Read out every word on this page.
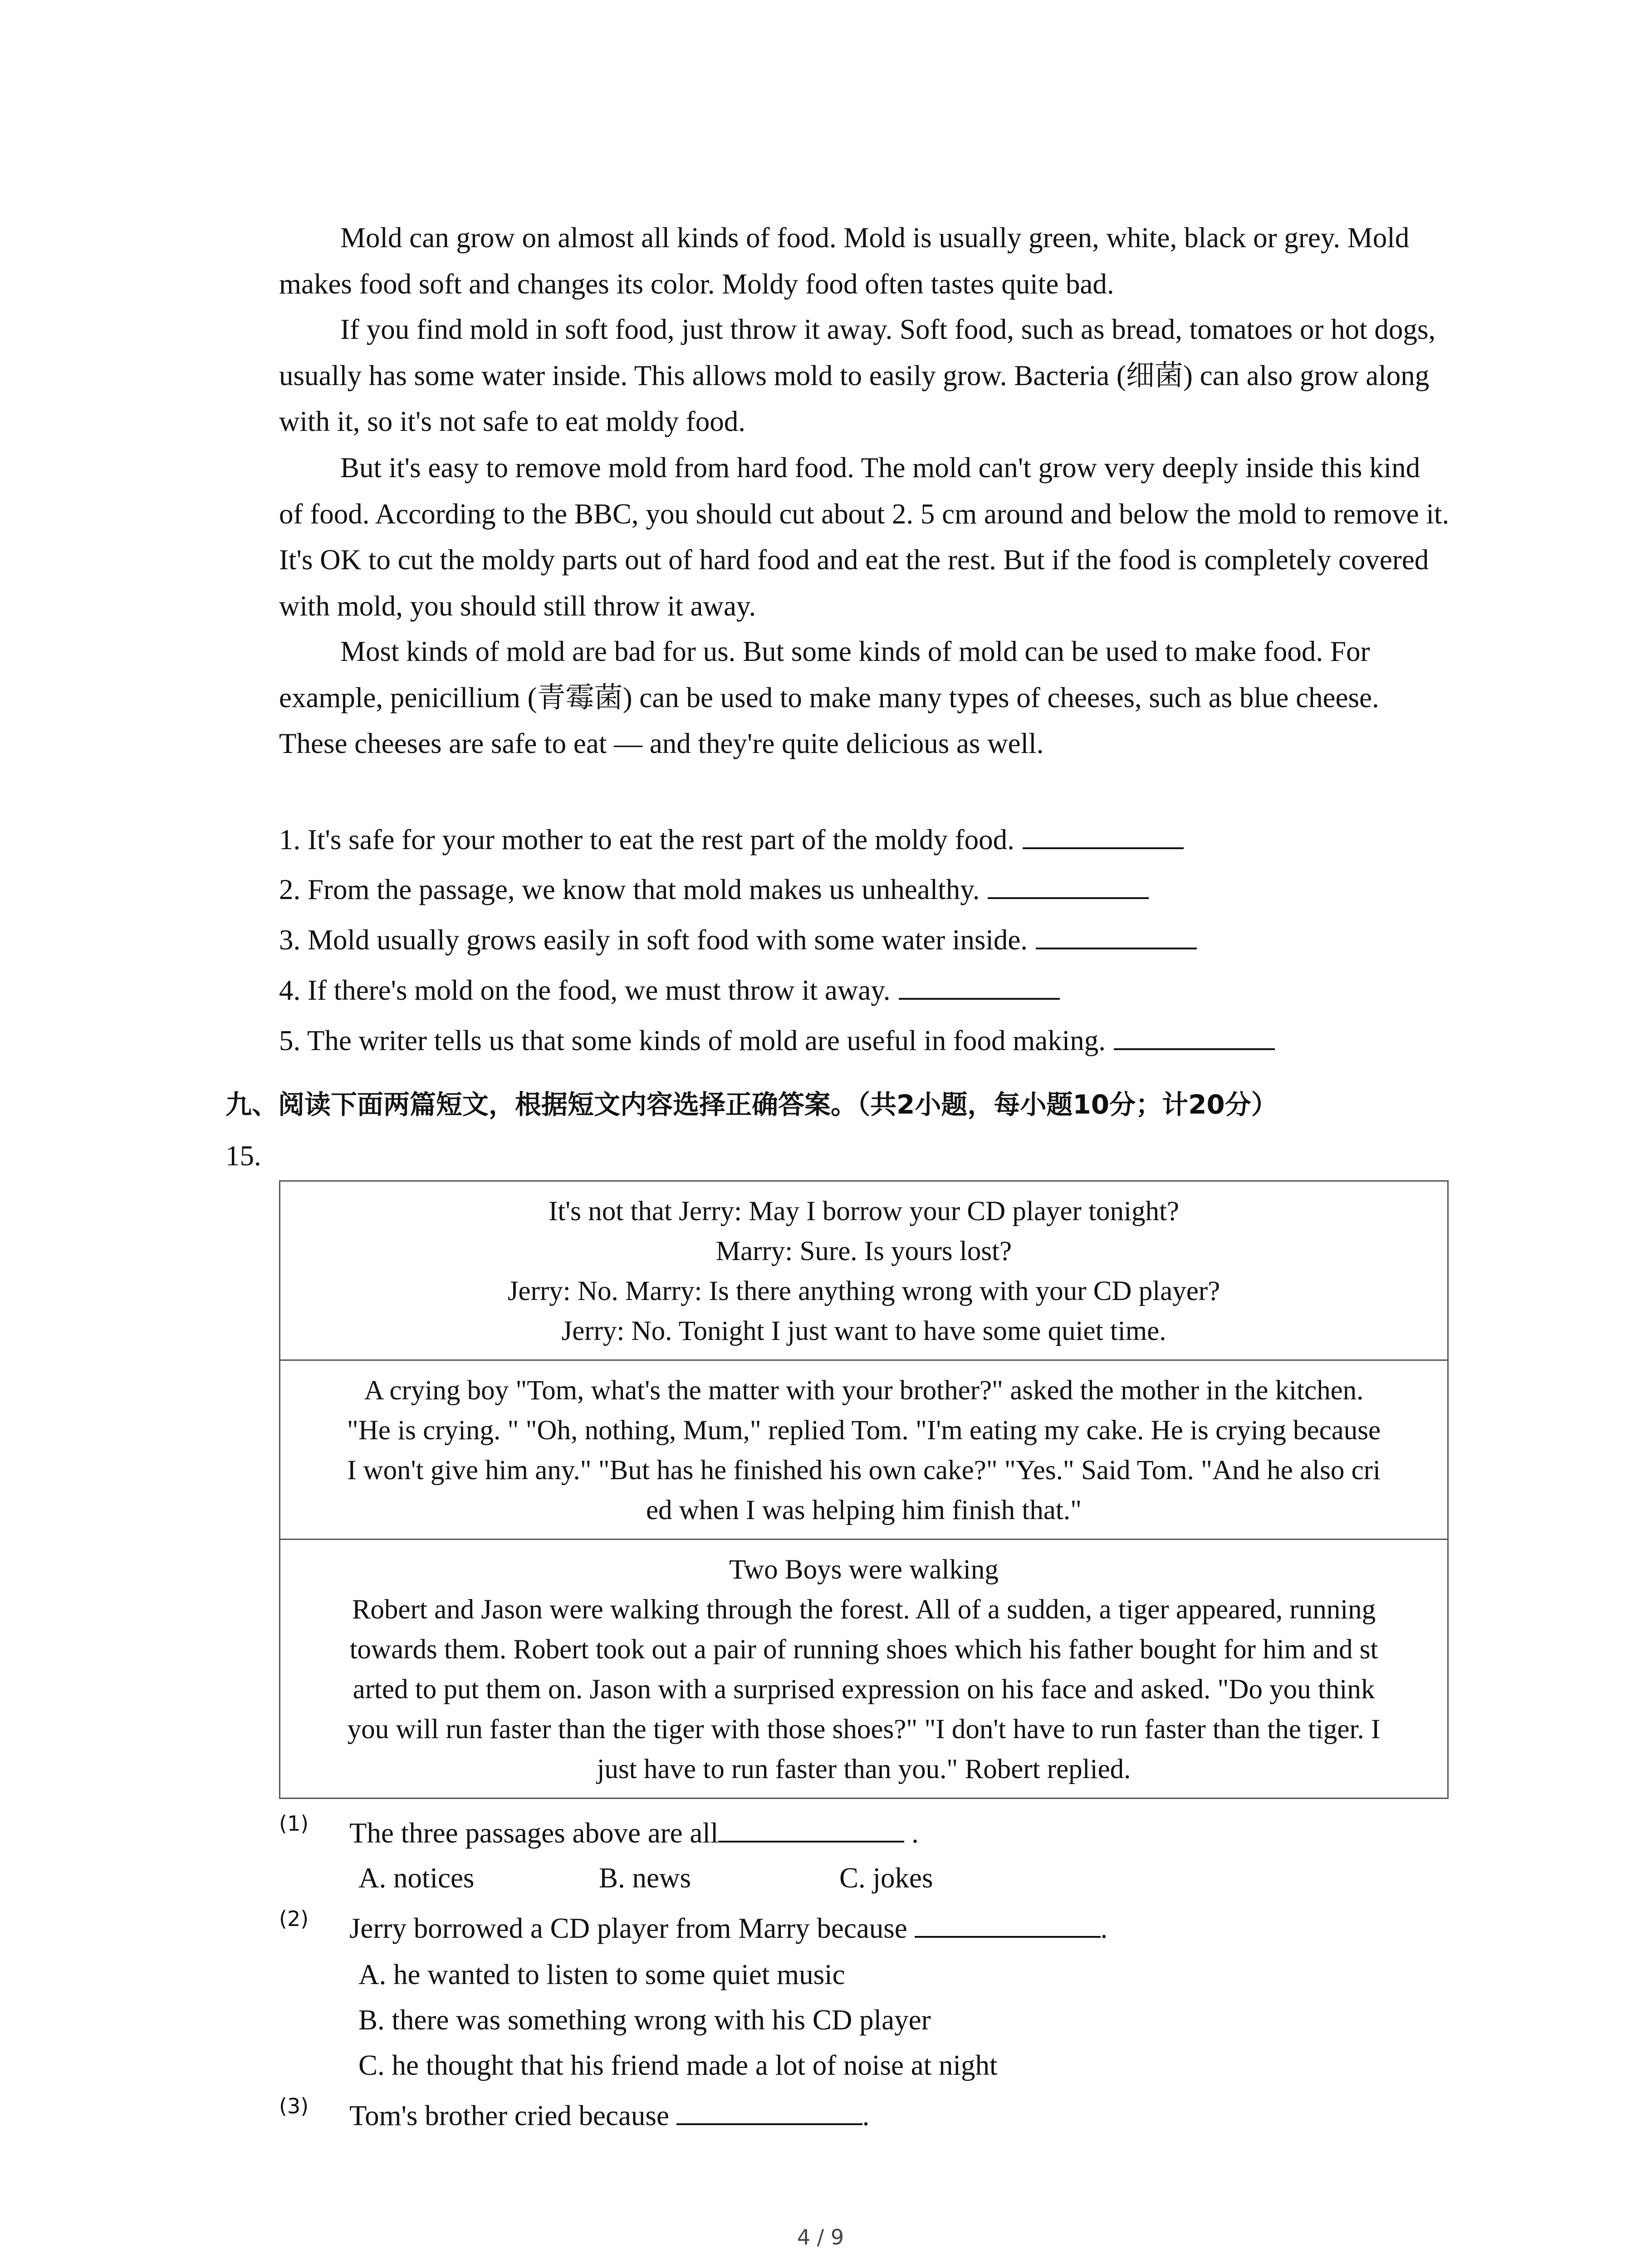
Mold can grow on almost all kinds of food. Mold is usually green, white, black or grey. Mold makes food soft and changes its color. Moldy food often tastes quite bad.

If you find mold in soft food, just throw it away. Soft food, such as bread, tomatoes or hot dogs, usually has some water inside. This allows mold to easily grow. Bacteria (细菌) can also grow along with it, so it's not safe to eat moldy food.

But it's easy to remove mold from hard food. The mold can't grow very deeply inside this kind of food. According to the BBC, you should cut about 2. 5 cm around and below the mold to remove it. It's OK to cut the moldy parts out of hard food and eat the rest. But if the food is completely covered with mold, you should still throw it away.

Most kinds of mold are bad for us. But some kinds of mold can be used to make food. For example, penicillium (青霉菌) can be used to make many types of cheeses, such as blue cheese. These cheeses are safe to eat — and they're quite delicious as well.

1. It's safe for your mother to eat the rest part of the moldy food.
2. From the passage, we know that mold makes us unhealthy.
3. Mold usually grows easily in soft food with some water inside.
4. If there's mold on the food, we must throw it away.
5. The writer tells us that some kinds of mold are useful in food making.
九、阅读下面两篇短文，根据短文内容选择正确答案。（共2小题，每小题10分；计20分）
15.
It's not that Jerry: May I borrow your CD player tonight?
Marry: Sure. Is yours lost?
Jerry: No. Marry: Is there anything wrong with your CD player?
Jerry: No. Tonight I just want to have some quiet time.
A crying boy "Tom, what's the matter with your brother?" asked the mother in the kitchen.
"He is crying. " "Oh, nothing, Mum," replied Tom. "I'm eating my cake. He is crying because
I won't give him any." "But has he finished his own cake?" "Yes." Said Tom. "And he also cri
ed when I was helping him finish that."
Two Boys were walking
Robert and Jason were walking through the forest. All of a sudden, a tiger appeared, running
towards them. Robert took out a pair of running shoes which his father bought for him and st
arted to put them on. Jason with a surprised expression on his face and asked. "Do you think
you will run faster than the tiger with those shoes?" "I don't have to run faster than the tiger. I
just have to run faster than you." Robert replied.
(1) The three passages above are all	.
A. notices	B. news	C. jokes
(2) Jerry borrowed a CD player from Marry because	.
A. he wanted to listen to some quiet music
B. there was something wrong with his CD player
C. he thought that his friend made a lot of noise at night
(3) Tom's brother cried because	.
4 / 9
